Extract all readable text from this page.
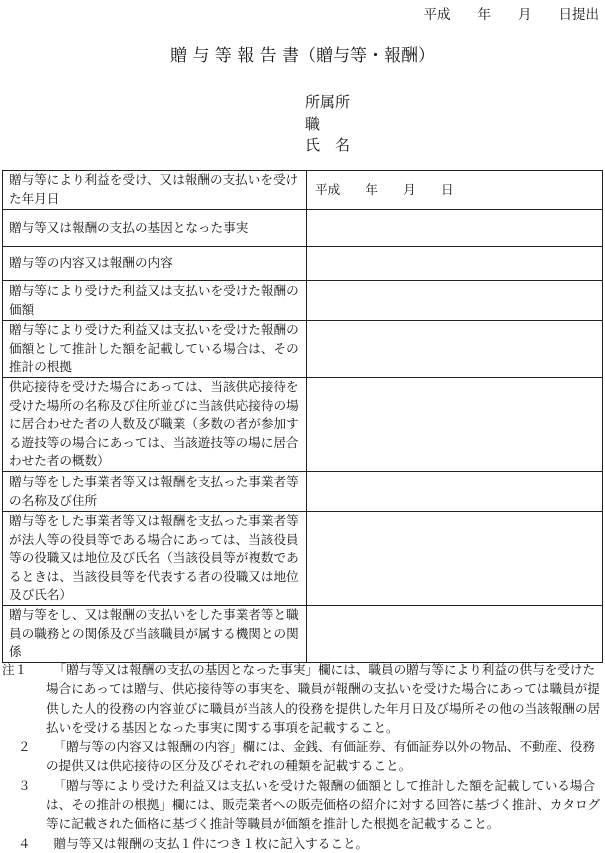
平成　　年　　月　　日提出
贈 与 等 報 告 書（贈与等・報酬）
所属所
職
氏　名
贈与等により利益を受け、又は報酬の支払いを受けた年月日	平成　　年　　月　　日
贈与等又は報酬の支払の基因となった事実	
贈与等の内容又は報酬の内容	
贈与等により受けた利益又は支払いを受けた報酬の価額	
贈与等により受けた利益又は支払いを受けた報酬の価額として推計した額を記載している場合は、その推計の根拠	
供応接待を受けた場合にあっては、当該供応接待を受けた場所の名称及び住所並びに当該供応接待の場に居合わせた者の人数及び職業（多数の者が参加する遊技等の場合にあっては、当該遊技等の場に居合わせた者の概数）	
贈与等をした事業者等又は報酬を支払った事業者等の名称及び住所	
贈与等をした事業者等又は報酬を支払った事業者等が法人等の役員等である場合にあっては、当該役員等の役職又は地位及び氏名（当該役員等が複数であるときは、当該役員等を代表する者の役職又は地位及び氏名）	
贈与等をし、又は報酬の支払いをした事業者等と職員の職務との関係及び当該職員が属する機関との関係	
注１	「贈与等又は報酬の支払の基因となった事実」欄には、職員の贈与等により利益の供与を受けた場合にあっては贈与、供応接待等の事実を、職員が報酬の支払いを受けた場合にあっては職員が提供した人的役務の内容並びに職員が当該人的役務を提供した年月日及び場所その他の当該報酬の居払いを受ける基因となった事実に関する事項を記載すること。
２	「贈与等の内容又は報酬の内容」欄には、金銭、有価証券、有価証券以外の物品、不動産、役務の提供又は供応接待の区分及びそれぞれの種類を記載すること。
３	「贈与等により受けた利益又は支払いを受けた報酬の価額として推計した額を記載している場合は、その推計の根拠」欄には、販売業者への販売価格の紹介に対する回答に基づく推計、カタログ等に記載された価格に基づく推計等職員が価額を推計した根拠を記載すること。
４	贈与等又は報酬の支払１件につき１枚に記入すること。
